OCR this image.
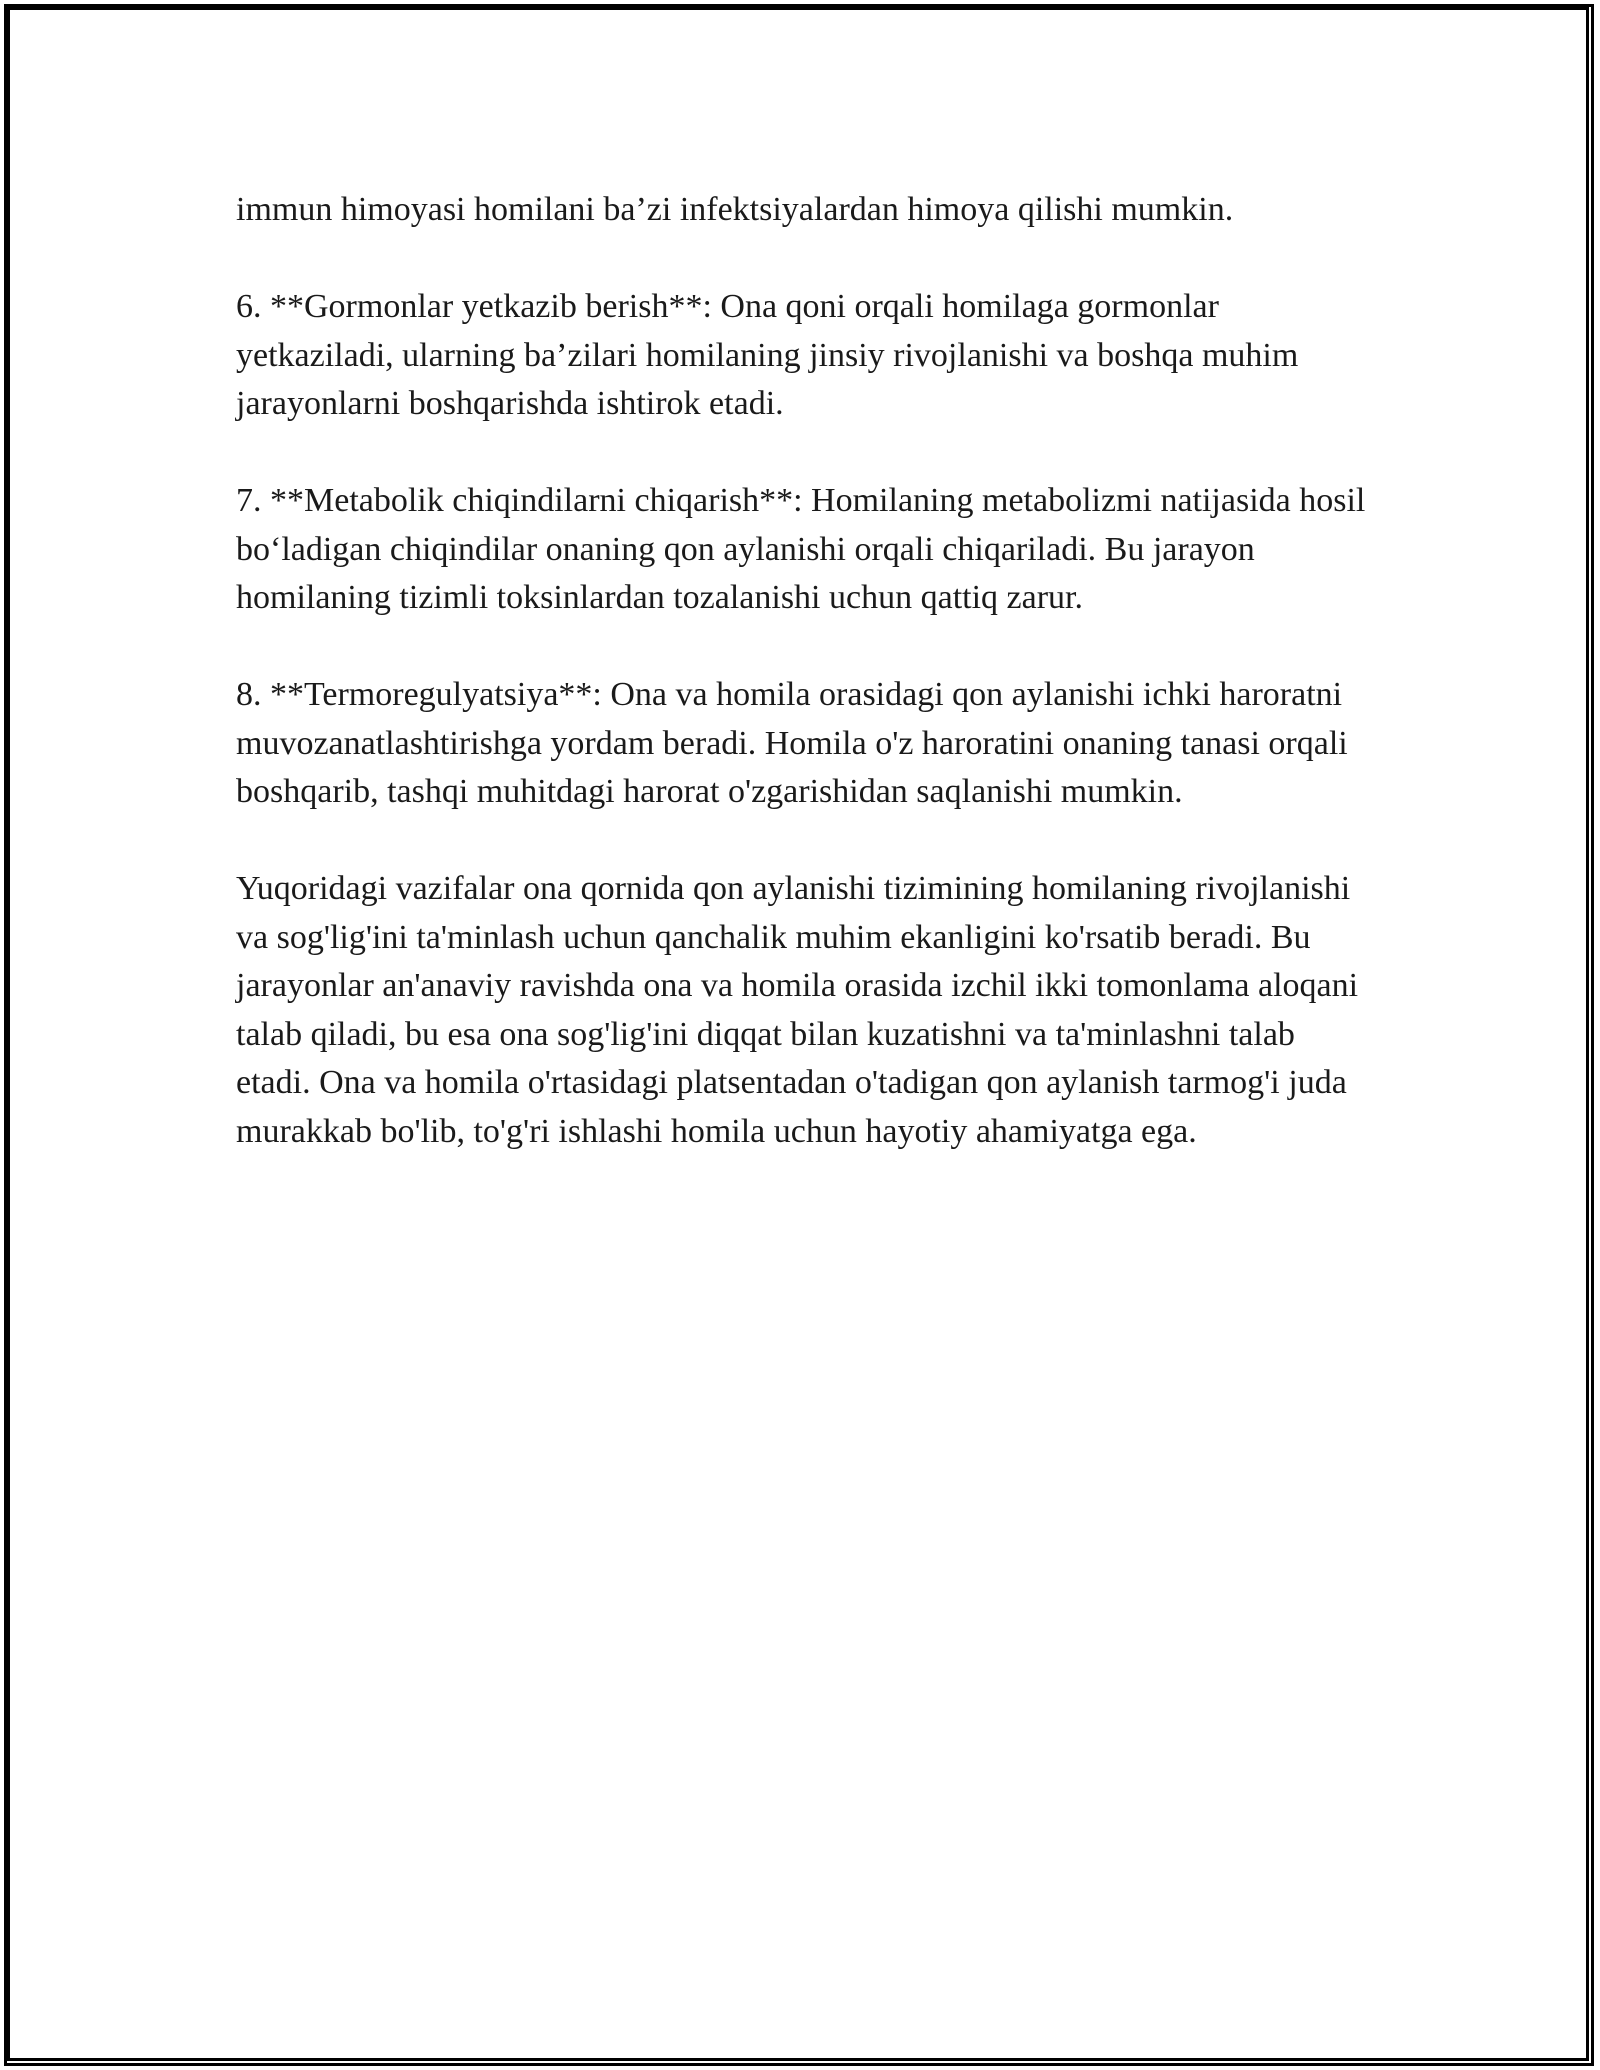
immun himoyasi homilani ba’zi infektsiyalardan himoya qilishi mumkin.

6. **Gormonlar yetkazib berish**: Ona qoni orqali homilaga gormonlar yetkaziladi, ularning ba’zilari homilaning jinsiy rivojlanishi va boshqa muhim jarayonlarni boshqarishda ishtirok etadi.

7. **Metabolik chiqindilarni chiqarish**: Homilaning metabolizmi natijasida hosil bo‘ladigan chiqindilar onaning qon aylanishi orqali chiqariladi. Bu jarayon homilaning tizimli toksinlardan tozalanishi uchun qattiq zarur.

8. **Termoregulyatsiya**: Ona va homila orasidagi qon aylanishi ichki haroratni muvozanatlashtirishga yordam beradi. Homila o'z haroratini onaning tanasi orqali boshqarib, tashqi muhitdagi harorat o'zgarishidan saqlanishi mumkin.

Yuqoridagi vazifalar ona qornida qon aylanishi tizimining homilaning rivojlanishi va sog'lig'ini ta'minlash uchun qanchalik muhim ekanligini ko'rsatib beradi. Bu jarayonlar an'anaviy ravishda ona va homila orasida izchil ikki tomonlama aloqani talab qiladi, bu esa ona sog'lig'ini diqqat bilan kuzatishni va ta'minlashni talab etadi. Ona va homila o'rtasidagi platsentadan o'tadigan qon aylanish tarmog'i juda murakkab bo'lib, to'g'ri ishlashi homila uchun hayotiy ahamiyatga ega.
